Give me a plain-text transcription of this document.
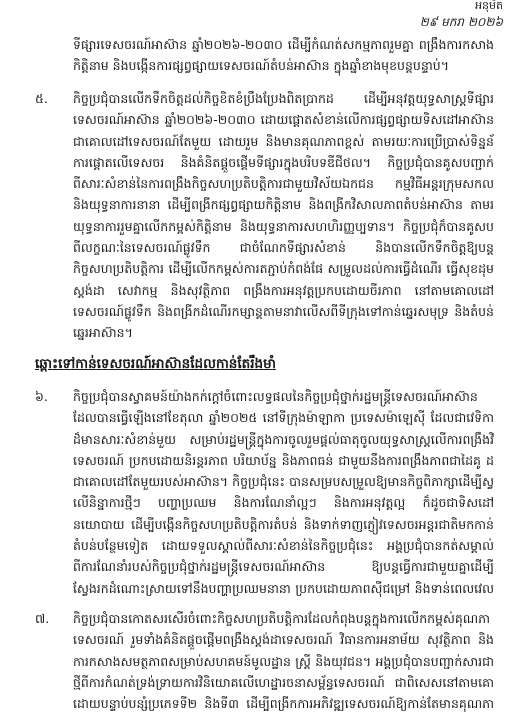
អនុម័ត
២៩ មករា ២០២៦
ទីផ្សារទេសចរណ៍អាស៊ាន ឆ្នាំ២០២៦-២០៣០ ដើម្បីកំណត់សកម្មភាពរួមគ្នា ពង្រឹងការកសាង
កិត្តិនាម និងបង្កើនការផ្សព្វផ្សាយទេសចរណ៍តំបន់អាស៊ាន ក្នុងឆ្នាំខាងមុខបន្តបន្ទាប់។
៥.	កិច្ចប្រជុំបានលើកទឹកចិត្តដល់កិច្ចខិតខំប្រឹងប្រែងពិតប្រាកដ ដើម្បីអនុវត្តយុទ្ធសាស្ត្រទីផ្សារ
ទេសចរណ៍អាស៊ាន ឆ្នាំ២០២៦-២០៣០ ដោយផ្តោតសំខាន់លើការផ្សព្វផ្សាយទិសដៅអាស៊ាន
ជាគោលដៅទេសចរណ៍តែមួយ ដោយរួម និងមានគុណភាពខ្ពស់ តាមរយៈការប្រើប្រាស់ទិន្នន័
ការផ្តោតលើទេសចរ និងគំនិតផ្តួចផ្តើមទីផ្សារក្នុងបរិបទឌីជីថល។ កិច្ចប្រជុំបានគូសបញ្ជាក់
ពីសារៈសំខាន់នៃការពង្រឹងកិច្ចសហប្រតិបត្តិការជាមួយវិស័យឯកជន កម្មវិធីអន្តរក្រុមសកល
និងយុទ្ធនាការនានា ដើម្បីពង្រីកផ្សព្វផ្សាយកិត្តិនាម និងពង្រីកវិសាលភាពតំបន់អាស៊ាន តាមរ
យុទ្ធនាការរួមគ្នាលើកកម្ពស់កិត្តិនាម និងយុទ្ធនាការសហហិរញ្ញប្បទាន។ កិច្ចប្រជុំក៏បានគូសប
ពីលក្ខណៈនៃទេសចរណ៍ផ្លូវទឹក ជាចំណែកទីផ្សារសំខាន់ និងបានលើកទឹកចិត្តឱ្យបន្ត
កិច្ចសហប្រតិបត្តិការ ដើម្បីលើកកម្ពស់ការតភ្ជាប់កំពង់ផែ សម្រួលដល់ការធ្វើដំណើរ ធ្វើសុខដុម
ស្តង់ដា សេវាកម្ម និងសុវត្ថិភាព ពង្រឹងការអនុវត្តប្រកបដោយចីរភាព នៅតាមគោលដៅ
ទេសចរណ៍ផ្លូវទឹក និងពង្រីកដំណើរកម្សាន្តតាមនាវាលើសពីទីក្រុងទៅកាន់ឆ្នេរសមុទ្រ និងតំបន់
ឆ្នេរអាស៊ាន។
ឆ្ពោះទៅកាន់ទេសចរណ៍អាស៊ានដែលកាន់តែរឹងមាំ
៦.	កិច្ចប្រជុំបានស្វាគមន៍យ៉ាងកក់ក្តៅចំពោះលទ្ធផលនៃកិច្ចប្រជុំថ្នាក់រដ្ឋមន្ត្រីទេសចរណ៍អាស៊ាន
ដែលបានធ្វើឡើងនៅខែតុលា ឆ្នាំ២០២៥ នៅទីក្រុងម៉ាឡាកា ប្រទេសម៉ាឡេស៊ី ដែលជាវេទិកា
ដ៏មានសារៈសំខាន់មួយ សម្រាប់រដ្ឋមន្ត្រីក្នុងការចូលរួមផ្តល់ធាតុចូលយុទ្ធសាស្ត្រលើការពង្រឹងវិ
ទេសចរណ៍ ប្រកបដោយនិរន្តរភាព បរិយាប័ន្ន និងភាពធន់ ជាមួយនឹងការពង្រឹងភាពជាដៃគូ
ជាគោលដៅតែមួយរបស់អាស៊ាន។ កិច្ចប្រជុំនេះ បានសម្របសម្រួលឱ្យមានកិច្ចពិភាក្សាដើម្បីស្
លើនិន្នាការថ្មីៗ បញ្ហាប្រឈម និងការណែនាំល្អៗ និងការអនុវត្តល្អ ក៏ដូចជាទិសដៅ
នយោបាយ ដើម្បីបង្កើនកិច្ចសហប្រតិបត្តិការតំបន់ និងទាក់ទាញភ្ញៀវទេសចរអន្តរជាតិមកកាន់
តំបន់បន្ថែមទៀត ដោយទទួលស្គាល់ពីសារៈសំខាន់នៃកិច្ចប្រជុំនេះ អង្គប្រជុំបានកត់សម្គាល់
ពីការណែនាំរបស់កិច្ចប្រជុំថ្នាក់រដ្ឋមន្ត្រីទេសចរណ៍អាស៊ាន ឱ្យបន្តធ្វើការជាមួយគ្នាដើម្បី
ស្វែងរកដំណោះស្រាយទៅនឹងបញ្ហាប្រឈមនានា ប្រកបដោយភាពស៊ីជម្រៅ និងទាន់ពេលវេ
៧.	កិច្ចប្រជុំបានកោតសរសើរចំពោះកិច្ចសហប្រតិបត្តិការដែលកំពុងបន្តក្នុងការលើកកម្ពស់គុណភា
ទេសចរណ៍ រួមទាំងគំនិតផ្តួចផ្តើមពង្រឹងស្តង់ដាទេសចរណ៍ វិធានការអនាម័យ សុវត្ថិភាព និង
ការកសាងសមត្ថភាពសម្រាប់សហគមន៍មូលដ្ឋាន ស្ត្រី និងយុវជន។ អង្គប្រជុំបានបញ្ជាក់សារជា
ថ្មីពីការកំណត់ទ្រង់ទ្រាយការវិនិយោគលើហេដ្ឋារចនាសម្ព័ន្ធទេសចរណ៍ ជាពិសេសនៅតាមគោ
ដោយបន្ទាប់បន្សំប្រភេទទី២ និងទី៣ ដើម្បីពង្រីកការអភិវឌ្ឍទេសចរណ៍ឱ្យកាន់តែមានគុណភា
